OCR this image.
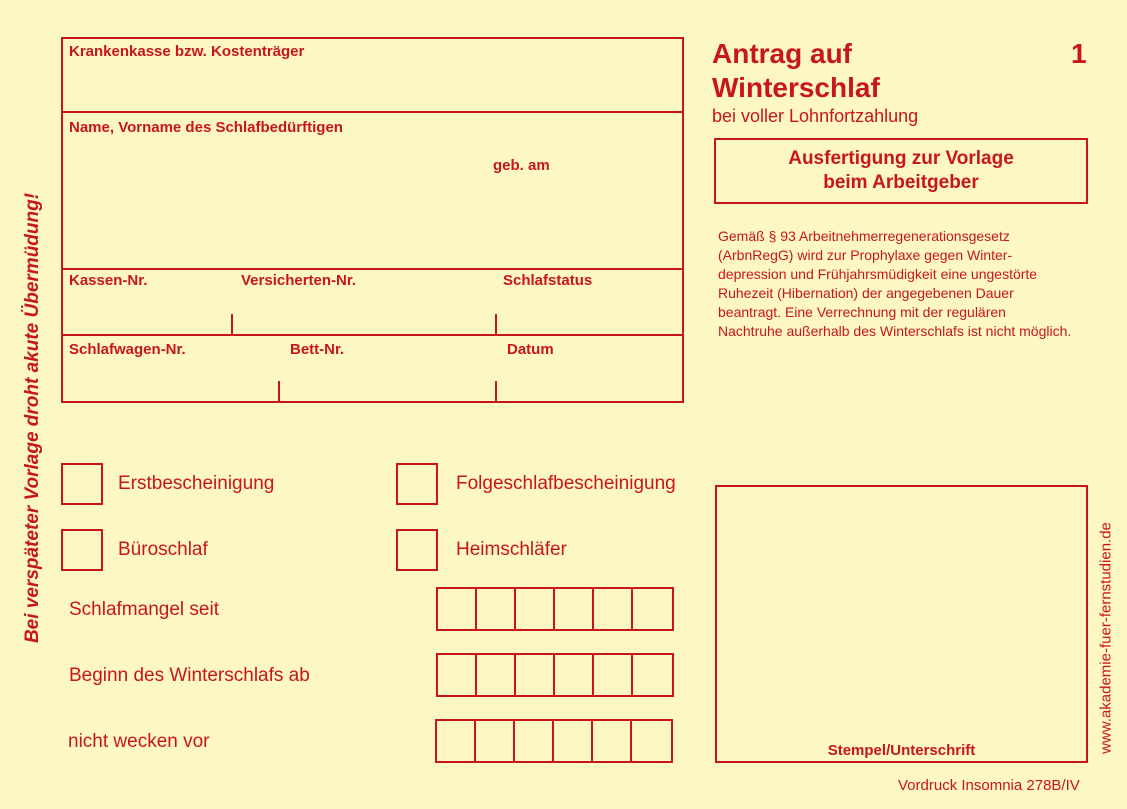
Bei verspäteter Vorlage droht akute Übermüdung!	www.akademie-fuer-fernstudien.de
Krankenkasse bzw. Kostenträger
Name, Vorname des Schlafbedürftigen
geb. am
Kassen-Nr.	Versicherten-Nr.	Schlafstatus
Schlafwagen-Nr.	Bett-Nr.	Datum
Antrag auf
Winterschlaf
bei voller Lohnfortzahlung
1
Ausfertigung zur Vorlage
beim Arbeitgeber
Gemäß § 93 Arbeitnehmerregenerationsgesetz
(ArbnRegG) wird zur Prophylaxe gegen Winter-
depression und Frühjahrsmüdigkeit eine ungestörte
Ruhezeit (Hibernation) der angegebenen Dauer
beantragt. Eine Verrechnung mit der regulären
Nachtruhe außerhalb des Winterschlafs ist nicht möglich.
Erstbescheinigung	Folgeschlafbescheinigung
Büroschlaf	Heimschläfer
Schlafmangel seit
Beginn des Winterschlafs ab
nicht wecken vor	Stempel/Unterschrift
Vordruck Insomnia 278B/IV
